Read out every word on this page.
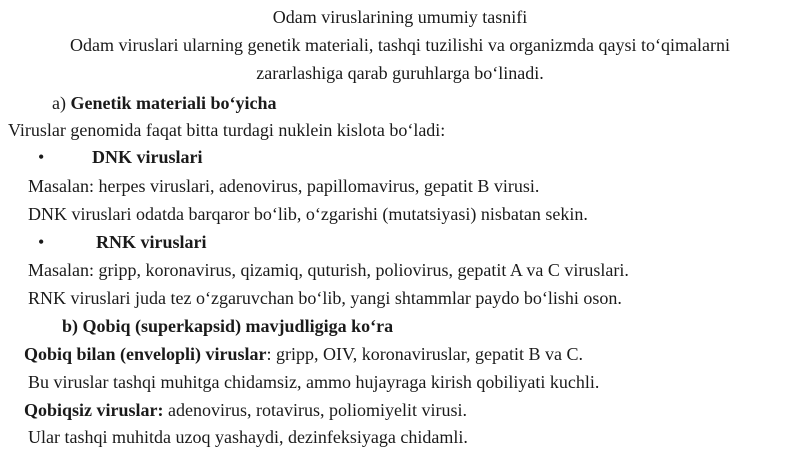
Odam viruslarining umumiy tasnifi
Odam viruslari ularning genetik materiali, tashqi tuzilishi va organizmda qaysi to‘qimalarni
zararlashiga qarab guruhlarga bo‘linadi.
a) Genetik materiali bo‘yicha
Viruslar genomida faqat bitta turdagi nuklein kislota bo‘ladi:
•	DNK viruslari
Masalan: herpes viruslari, adenovirus, papillomavirus, gepatit B virusi.
DNK viruslari odatda barqaror bo‘lib, o‘zgarishi (mutatsiyasi) nisbatan sekin.
•	RNK viruslari
Masalan: gripp, koronavirus, qizamiq, quturish, poliovirus, gepatit A va C viruslari.
RNK viruslari juda tez o‘zgaruvchan bo‘lib, yangi shtammlar paydo bo‘lishi oson.
b) Qobiq (superkapsid) mavjudligiga ko‘ra
Qobiq bilan (envelopli) viruslar: gripp, OIV, koronaviruslar, gepatit B va C.
Bu viruslar tashqi muhitga chidamsiz, ammo hujayraga kirish qobiliyati kuchli.
Qobiqsiz viruslar: adenovirus, rotavirus, poliomiyelit virusi.
Ular tashqi muhitda uzoq yashaydi, dezinfeksiyaga chidamli.
